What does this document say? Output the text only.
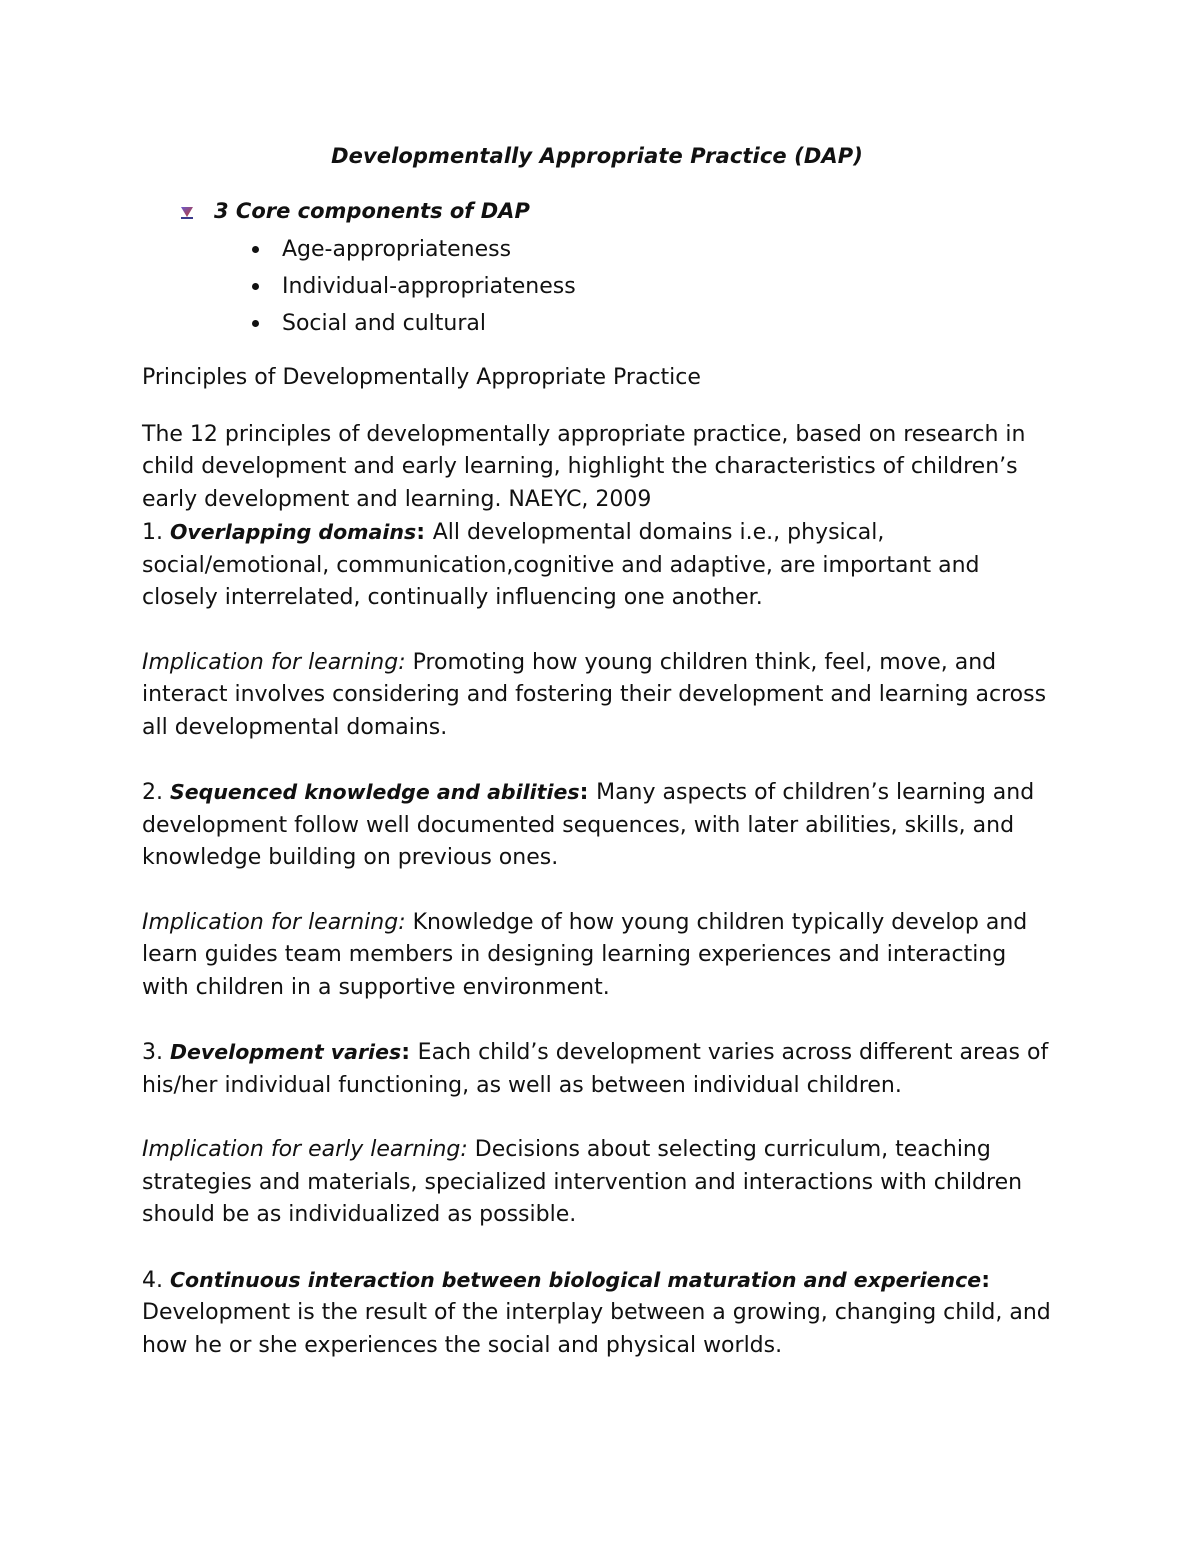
Developmentally Appropriate Practice (DAP)
3 Core components of DAP
Age-appropriateness
Individual-appropriateness
Social and cultural

Principles of Developmentally Appropriate Practice

The 12 principles of developmentally appropriate practice, based on research in child development and early learning, highlight the characteristics of children’s early development and learning. NAEYC, 2009

1. Overlapping domains: All developmental domains i.e., physical, social/emotional, communication,cognitive and adaptive, are important and closely interrelated, continually influencing one another.

Implication for learning: Promoting how young children think, feel, move, and interact involves considering and fostering their development and learning across all developmental domains.

2. Sequenced knowledge and abilities: Many aspects of children’s learning and development follow well documented sequences, with later abilities, skills, and knowledge building on previous ones.

Implication for learning: Knowledge of how young children typically develop and learn guides team members in designing learning experiences and interacting with children in a supportive environment.

3. Development varies: Each child’s development varies across different areas of his/her individual functioning, as well as between individual children.

Implication for early learning: Decisions about selecting curriculum, teaching strategies and materials, specialized intervention and interactions with children should be as individualized as possible.

4. Continuous interaction between biological maturation and experience: Development is the result of the interplay between a growing, changing child, and how he or she experiences the social and physical worlds.
